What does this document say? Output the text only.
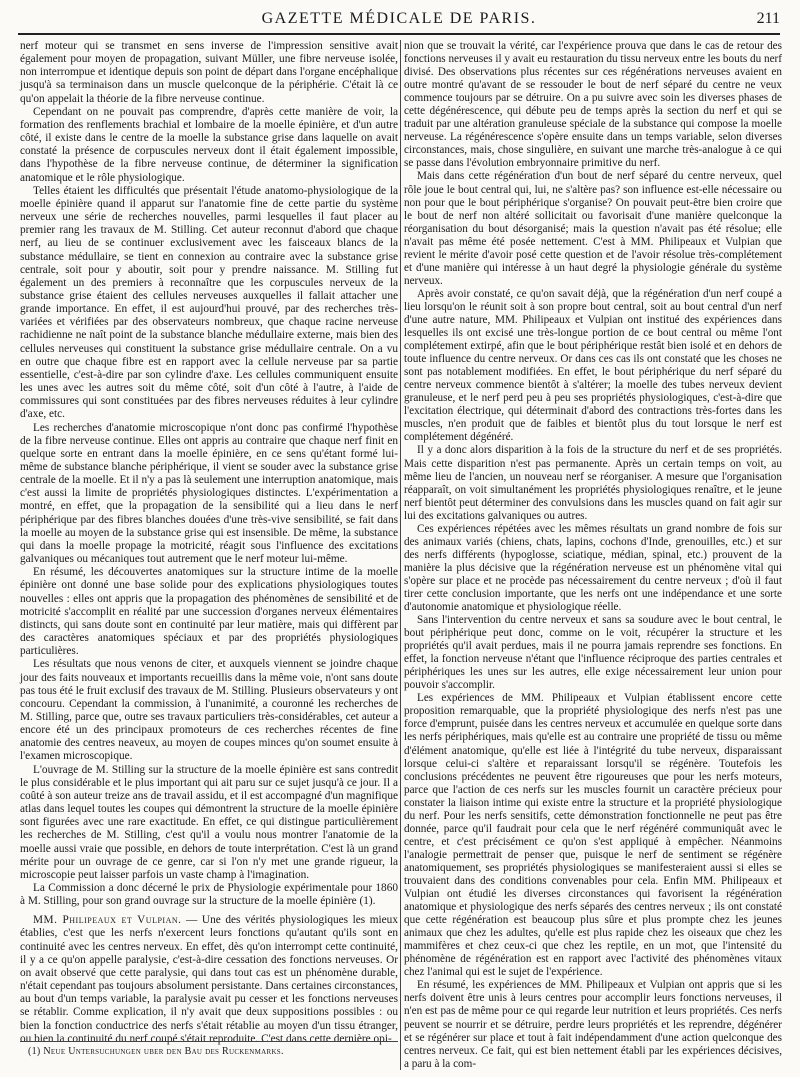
GAZETTE MÉDICALE DE PARIS.	211

nerf moteur qui se transmet en sens inverse de l'impression sensitive avait également pour moyen de propagation, suivant Müller, une fibre nerveuse isolée, non interrompue et identique depuis son point de départ dans l'organe encéphalique jusqu'à sa terminaison dans un muscle quelconque de la périphérie. C'était là ce qu'on appelait la théorie de la fibre nerveuse continue.

Cependant on ne pouvait pas comprendre, d'après cette manière de voir, la formation des renflements brachial et lombaire de la moelle épinière, et d'un autre côté, il existe dans le centre de la moelle la substance grise dans laquelle on avait constaté la présence de corpuscules nerveux dont il était également impossible, dans l'hypothèse de la fibre nerveuse continue, de déterminer la signification anatomique et le rôle physiologique.

Telles étaient les difficultés que présentait l'étude anatomo-physiologique de la moelle épinière quand il apparut sur l'anatomie fine de cette partie du système nerveux une série de recherches nouvelles, parmi lesquelles il faut placer au premier rang les travaux de M. Stilling. Cet auteur reconnut d'abord que chaque nerf, au lieu de se continuer exclusivement avec les faisceaux blancs de la substance médullaire, se tient en connexion au contraire avec la substance grise centrale, soit pour y aboutir, soit pour y prendre naissance. M. Stilling fut également un des premiers à reconnaître que les corpuscules nerveux de la substance grise étaient des cellules nerveuses auxquelles il fallait attacher une grande importance. En effet, il est aujourd'hui prouvé, par des recherches très-variées et vérifiées par des observateurs nombreux, que chaque racine nerveuse rachidienne ne naît point de la substance blanche médullaire externe, mais bien des cellules nerveuses qui constituent la substance grise médullaire centrale. On a vu en outre que chaque fibre est en rapport avec la cellule nerveuse par sa partie essentielle, c'est-à-dire par son cylindre d'axe. Les cellules communiquent ensuite les unes avec les autres soit du même côté, soit d'un côté à l'autre, à l'aide de commissures qui sont constituées par des fibres nerveuses réduites à leur cylindre d'axe, etc.

Les recherches d'anatomie microscopique n'ont donc pas confirmé l'hypothèse de la fibre nerveuse continue. Elles ont appris au contraire que chaque nerf finit en quelque sorte en entrant dans la moelle épinière, en ce sens qu'étant formé lui-même de substance blanche périphérique, il vient se souder avec la substance grise centrale de la moelle. Et il n'y a pas là seulement une interruption anatomique, mais c'est aussi la limite de propriétés physiologiques distinctes. L'expérimentation a montré, en effet, que la propagation de la sensibilité qui a lieu dans le nerf périphérique par des fibres blanches douées d'une très-vive sensibilité, se fait dans la moelle au moyen de la substance grise qui est insensible. De même, la substance qui dans la moelle propage la motricité, réagit sous l'influence des excitations galvaniques ou mécaniques tout autrement que le nerf moteur lui-même.

En résumé, les découvertes anatomiques sur la structure intime de la moelle épinière ont donné une base solide pour des explications physiologiques toutes nouvelles : elles ont appris que la propagation des phénomènes de sensibilité et de motricité s'accomplit en réalité par une succession d'organes nerveux élémentaires distincts, qui sans doute sont en continuité par leur matière, mais qui diffèrent par des caractères anatomiques spéciaux et par des propriétés physiologiques particulières.

Les résultats que nous venons de citer, et auxquels viennent se joindre chaque jour des faits nouveaux et importants recueillis dans la même voie, n'ont sans doute pas tous été le fruit exclusif des travaux de M. Stilling. Plusieurs observateurs y ont concouru. Cependant la commission, à l'unanimité, a couronné les recherches de M. Stilling, parce que, outre ses travaux particuliers très-considérables, cet auteur a encore été un des principaux promoteurs de ces recherches récentes de fine anatomie des centres neaveux, au moyen de coupes minces qu'on soumet ensuite à l'examen microscopique.

L'ouvrage de M. Stilling sur la structure de la moelle épinière est sans contredit le plus considérable et le plus important qui ait paru sur ce sujet jusqu'à ce jour. Il a coûté à son auteur treize ans de travail assidu, et il est accompagné d'un magnifique atlas dans lequel toutes les coupes qui démontrent la structure de la moelle épinière sont figurées avec une rare exactitude. En effet, ce qui distingue particulièrement les recherches de M. Stilling, c'est qu'il a voulu nous montrer l'anatomie de la moelle aussi vraie que possible, en dehors de toute interprétation. C'est là un grand mérite pour un ouvrage de ce genre, car si l'on n'y met une grande rigueur, la microscopie peut laisser parfois un vaste champ à l'imagination.

La Commission a donc décerné le prix de Physiologie expérimentale pour 1860 à M. Stilling, pour son grand ouvrage sur la structure de la moelle épinière (1).

MM. Philipeaux et Vulpian. — Une des vérités physiologiques les mieux établies, c'est que les nerfs n'exercent leurs fonctions qu'autant qu'ils sont en continuité avec les centres nerveux. En effet, dès qu'on interrompt cette continuité, il y a ce qu'on appelle paralysie, c'est-à-dire cessation des fonctions nerveuses. Or on avait observé que cette paralysie, qui dans tout cas est un phénomène durable, n'était cependant pas toujours absolument persistante. Dans certaines circonstances, au bout d'un temps variable, la paralysie avait pu cesser et les fonctions nerveuses se rétablir. Comme explication, il n'y avait que deux suppositions possibles : ou bien la fonction conductrice des nerfs s'était rétablie au moyen d'un tissu étranger, ou bien la continuité du nerf coupé s'était reproduite. C'est dans cette dernière opi-

nion que se trouvait la vérité, car l'expérience prouva que dans le cas de retour des fonctions nerveuses il y avait eu restauration du tissu nerveux entre les bouts du nerf divisé. Des observations plus récentes sur ces régénérations nerveuses avaient en outre montré qu'avant de se ressouder le bout de nerf séparé du centre ne veux commence toujours par se détruire. On a pu suivre avec soin les diverses phases de cette dégénérescence, qui débute peu de temps après la section du nerf et qui se traduit par une altération granuleuse spéciale de la substance qui compose la moelle nerveuse. La régénérescence s'opère ensuite dans un temps variable, selon diverses circonstances, mais, chose singulière, en suivant une marche très-analogue à ce qui se passe dans l'évolution embryonnaire primitive du nerf.

Mais dans cette régénération d'un bout de nerf séparé du centre nerveux, quel rôle joue le bout central qui, lui, ne s'altère pas? son influence est-elle nécessaire ou non pour que le bout périphérique s'organise? On pouvait peut-être bien croire que le bout de nerf non altéré sollicitait ou favorisait d'une manière quelconque la réorganisation du bout désorganisé; mais la question n'avait pas été résolue; elle n'avait pas même été posée nettement. C'est à MM. Philipeaux et Vulpian que revient le mérite d'avoir posé cette question et de l'avoir résolue très-complétement et d'une manière qui intéresse à un haut degré la physiologie générale du système nerveux.

Après avoir constaté, ce qu'on savait déjà, que la régénération d'un nerf coupé a lieu lorsqu'on le réunit soit à son propre bout central, soit au bout central d'un nerf d'une autre nature, MM. Philipeaux et Vulpian ont institué des expériences dans lesquelles ils ont excisé une très-longue portion de ce bout central ou même l'ont complétement extirpé, afin que le bout périphérique restât bien isolé et en dehors de toute influence du centre nerveux. Or dans ces cas ils ont constaté que les choses ne sont pas notablement modifiées. En effet, le bout périphérique du nerf séparé du centre nerveux commence bientôt à s'altérer; la moelle des tubes nerveux devient granuleuse, et le nerf perd peu à peu ses propriétés physiologiques, c'est-à-dire que l'excitation électrique, qui déterminait d'abord des contractions très-fortes dans les muscles, n'en produit que de faibles et bientôt plus du tout lorsque le nerf est complétement dégénéré.

Il y a donc alors disparition à la fois de la structure du nerf et de ses propriétés. Mais cette disparition n'est pas permanente. Après un certain temps on voit, au même lieu de l'ancien, un nouveau nerf se réorganiser. A mesure que l'organisation réapparaît, on voit simultanément les propriétés physiologiques renaître, et le jeune nerf bientôt peut déterminer des convulsions dans les muscles quand on fait agir sur lui des excitations galvaniques ou autres.

Ces expériences répétées avec les mêmes résultats un grand nombre de fois sur des animaux variés (chiens, chats, lapins, cochons d'Inde, grenouilles, etc.) et sur des nerfs différents (hypoglosse, sciatique, médian, spinal, etc.) prouvent de la manière la plus décisive que la régénération nerveuse est un phénomène vital qui s'opère sur place et ne procède pas nécessairement du centre nerveux ; d'où il faut tirer cette conclusion importante, que les nerfs ont une indépendance et une sorte d'autonomie anatomique et physiologique réelle.

Sans l'intervention du centre nerveux et sans sa soudure avec le bout central, le bout périphérique peut donc, comme on le voit, récupérer la structure et les propriétés qu'il avait perdues, mais il ne pourra jamais reprendre ses fonctions. En effet, la fonction nerveuse n'étant que l'influence réciproque des parties centrales et périphériques les unes sur les autres, elle exige nécessairement leur union pour pouvoir s'accomplir.

Les expériences de MM. Philipeaux et Vulpian établissent encore cette proposition remarquable, que la propriété physiologique des nerfs n'est pas une force d'emprunt, puisée dans les centres nerveux et accumulée en quelque sorte dans les nerfs périphériques, mais qu'elle est au contraire une propriété de tissu ou même d'élément anatomique, qu'elle est liée à l'intégrité du tube nerveux, disparaissant lorsque celui-ci s'altère et reparaissant lorsqu'il se régénère. Toutefois les conclusions précédentes ne peuvent être rigoureuses que pour les nerfs moteurs, parce que l'action de ces nerfs sur les muscles fournit un caractère précieux pour constater la liaison intime qui existe entre la structure et la propriété physiologique du nerf. Pour les nerfs sensitifs, cette démonstration fonctionnelle ne peut pas être donnée, parce qu'il faudrait pour cela que le nerf régénéré communiquât avec le centre, et c'est précisément ce qu'on s'est appliqué à empêcher. Néanmoins l'analogie permettrait de penser que, puisque le nerf de sentiment se régénère anatomiquement, ses propriétés physiologiques se manifesteraient aussi si elles se trouvaient dans des conditions convenables pour cela. Enfin MM. Philipeaux et Vulpian ont étudié les diverses circonstances qui favorisent la régénération anatomique et physiologique des nerfs séparés des centres nerveux ; ils ont constaté que cette régénération est beaucoup plus sûre et plus prompte chez les jeunes animaux que chez les adultes, qu'elle est plus rapide chez les oiseaux que chez les mammifères et chez ceux-ci que chez les reptile, en un mot, que l'intensité du phénomène de régénération est en rapport avec l'activité des phénomènes vitaux chez l'animal qui est le sujet de l'expérience.

En résumé, les expériences de MM. Philipeaux et Vulpian ont appris que si les nerfs doivent être unis à leurs centres pour accomplir leurs fonctions nerveuses, il n'en est pas de même pour ce qui regarde leur nutrition et leurs propriétés. Ces nerfs peuvent se nourrir et se détruire, perdre leurs propriétés et les reprendre, dégénérer et se régénérer sur place et tout à fait indépendamment d'une action quelconque des centres nerveux. Ce fait, qui est bien nettement établi par les expériences décisives, a paru à la com-

(1) Neue Untersuchungen uber den Bau des Ruckenmarks.
